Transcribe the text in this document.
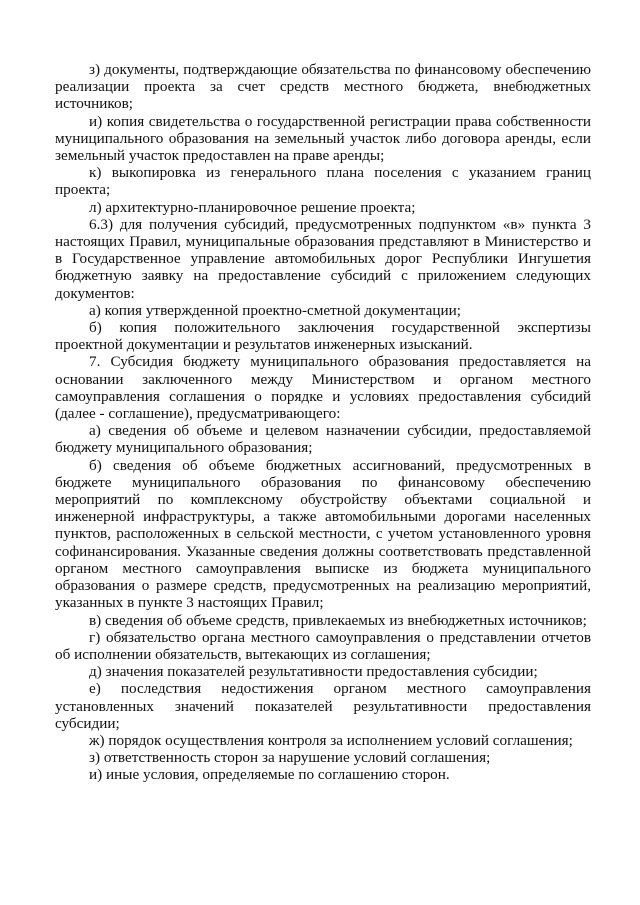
з) документы, подтверждающие обязательства по финансовому обеспечению реализации проекта за счет средств местного бюджета, внебюджетных источников;

и) копия свидетельства о государственной регистрации права собственности муниципального образования на земельный участок либо договора аренды, если земельный участок предоставлен на праве аренды;

к) выкопировка из генерального плана поселения с указанием границ проекта;

л) архитектурно-планировочное решение проекта;

6.3) для получения субсидий, предусмотренных подпунктом «в» пункта 3 настоящих Правил, муниципальные образования представляют в Министерство и в Государственное управление автомобильных дорог Республики Ингушетия бюджетную заявку на предоставление субсидий с приложением следующих документов:

а) копия утвержденной проектно-сметной документации;

б) копия положительного заключения государственной экспертизы проектной документации и результатов инженерных изысканий.

7. Субсидия бюджету муниципального образования предоставляется на основании заключенного между Министерством и органом местного самоуправления соглашения о порядке и условиях предоставления субсидий (далее - соглашение), предусматривающего:

а) сведения об объеме и целевом назначении субсидии, предоставляемой бюджету муниципального образования;

б) сведения об объеме бюджетных ассигнований, предусмотренных в бюджете муниципального образования по финансовому обеспечению мероприятий по комплексному обустройству объектами социальной и инженерной инфраструктуры, а также автомобильными дорогами населенных пунктов, расположенных в сельской местности, с учетом установленного уровня софинансирования. Указанные сведения должны соответствовать представленной органом местного самоуправления выписке из бюджета муниципального образования о размере средств, предусмотренных на реализацию мероприятий, указанных в пункте 3 настоящих Правил;

в) сведения об объеме средств, привлекаемых из внебюджетных источников;

г) обязательство органа местного самоуправления о представлении отчетов об исполнении обязательств, вытекающих из соглашения;

д) значения показателей результативности предоставления субсидии;

е) последствия недостижения органом местного самоуправления установленных значений показателей результативности предоставления субсидии;

ж) порядок осуществления контроля за исполнением условий соглашения;

з) ответственность сторон за нарушение условий соглашения;

и) иные условия, определяемые по соглашению сторон.
